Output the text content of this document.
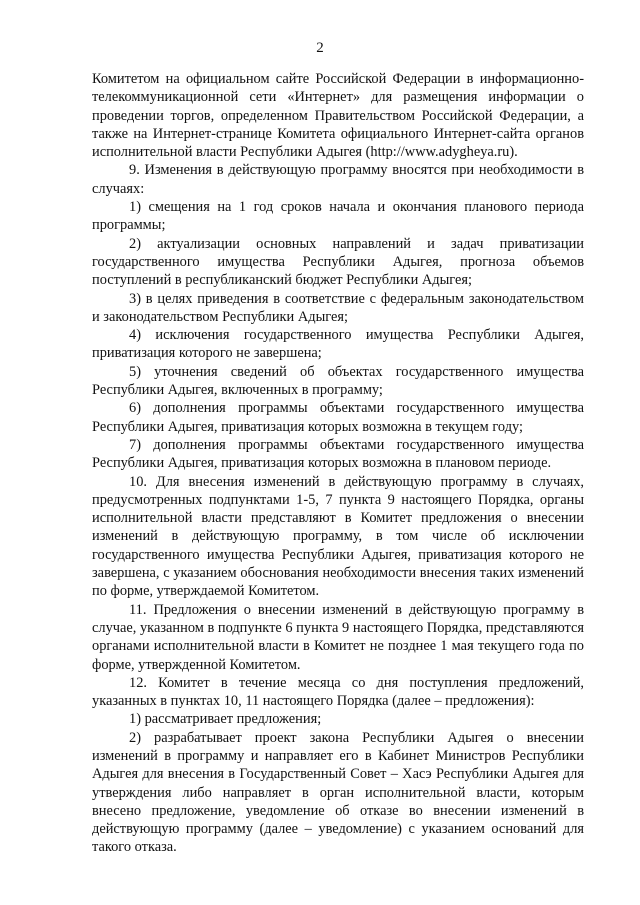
2

Комитетом на официальном сайте Российской Федерации в информационно-телекоммуникационной сети «Интернет» для размещения информации о проведении торгов, определенном Правительством Российской Федерации, а также на Интернет-странице Комитета официального Интернет-сайта органов исполнительной власти Республики Адыгея (http://www.adygheya.ru).

9. Изменения в действующую программу вносятся при необходимости в случаях:

1) смещения на 1 год сроков начала и окончания планового периода программы;

2) актуализации основных направлений и задач приватизации государственного имущества Республики Адыгея, прогноза объемов поступлений в республиканский бюджет Республики Адыгея;

3) в целях приведения в соответствие с федеральным законодательством и законодательством Республики Адыгея;

4) исключения государственного имущества Республики Адыгея, приватизация которого не завершена;

5) уточнения сведений об объектах государственного имущества Республики Адыгея, включенных в программу;

6) дополнения программы объектами государственного имущества Республики Адыгея, приватизация которых возможна в текущем году;

7) дополнения программы объектами государственного имущества Республики Адыгея, приватизация которых возможна в плановом периоде.

10. Для внесения изменений в действующую программу в случаях, предусмотренных подпунктами 1-5, 7 пункта 9 настоящего Порядка, органы исполнительной власти представляют в Комитет предложения о внесении изменений в действующую программу, в том числе об исключении государственного имущества Республики Адыгея, приватизация которого не завершена, с указанием обоснования необходимости внесения таких изменений по форме, утверждаемой Комитетом.

11. Предложения о внесении изменений в действующую программу в случае, указанном в подпункте 6 пункта 9 настоящего Порядка, представляются органами исполнительной власти в Комитет не позднее 1 мая текущего года по форме, утвержденной Комитетом.

12. Комитет в течение месяца со дня поступления предложений, указанных в пунктах 10, 11 настоящего Порядка (далее – предложения):

1) рассматривает предложения;

2) разрабатывает проект закона Республики Адыгея о внесении изменений в программу и направляет его в Кабинет Министров Республики Адыгея для внесения в Государственный Совет – Хасэ Республики Адыгея для утверждения либо направляет в орган исполнительной власти, которым внесено предложение, уведомление об отказе во внесении изменений в действующую программу (далее – уведомление) с указанием оснований для такого отказа.
